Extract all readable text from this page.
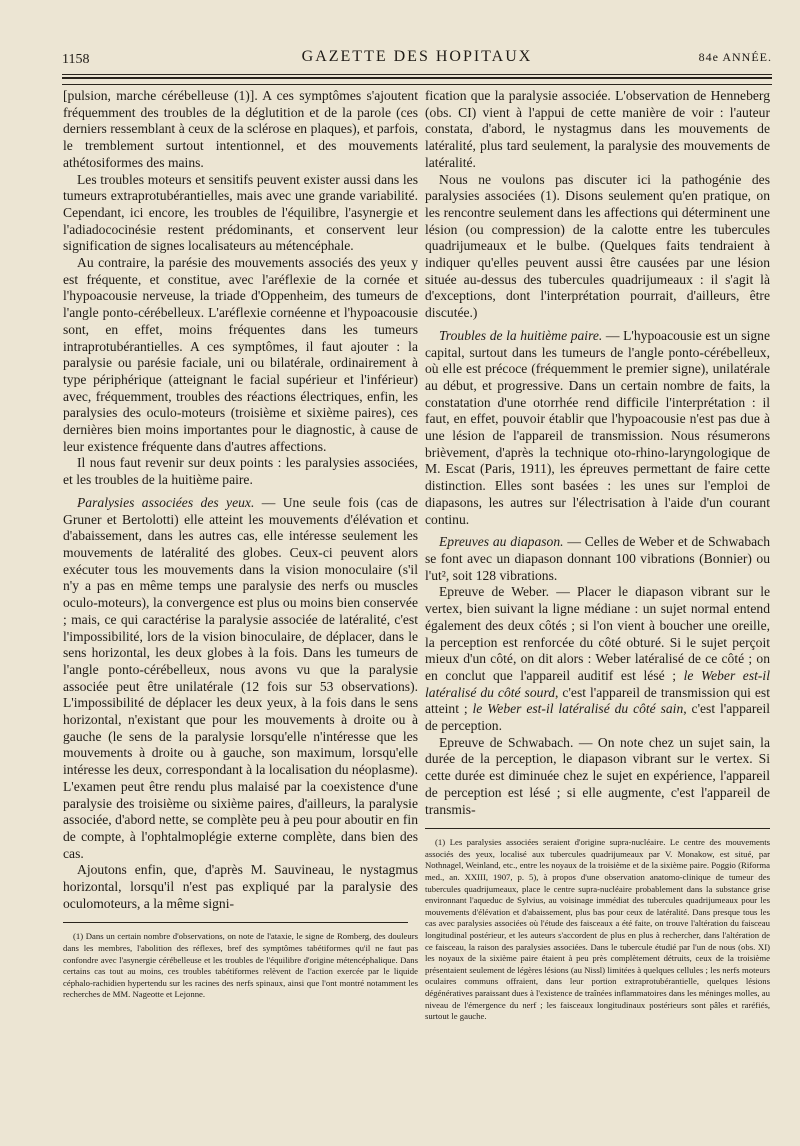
1158	GAZETTE DES HOPITAUX	84e ANNÉE.

[pulsion, marche cérébelleuse (1)]. A ces symptômes s'ajoutent fréquemment des troubles de la déglutition et de la parole (ces derniers ressemblant à ceux de la sclérose en plaques), et parfois, le tremblement surtout intentionnel, et des mouvements athétosiformes des mains.

Les troubles moteurs et sensitifs peuvent exister aussi dans les tumeurs extraprotubérantielles, mais avec une grande variabilité. Cependant, ici encore, les troubles de l'équilibre, l'asynergie et l'adiadococinésie restent prédominants, et conservent leur signification de signes localisateurs au métencéphale.

Au contraire, la parésie des mouvements associés des yeux y est fréquente, et constitue, avec l'aréflexie de la cornée et l'hypoacousie nerveuse, la triade d'Oppenheim, des tumeurs de l'angle ponto-cérébelleux. L'aréflexie cornéenne et l'hypoacousie sont, en effet, moins fréquentes dans les tumeurs intraprotubérantielles. A ces symptômes, il faut ajouter : la paralysie ou parésie faciale, uni ou bilatérale, ordinairement à type périphérique (atteignant le facial supérieur et l'inférieur) avec, fréquemment, troubles des réactions électriques, enfin, les paralysies des oculo-moteurs (troisième et sixième paires), ces dernières bien moins importantes pour le diagnostic, à cause de leur existence fréquente dans d'autres affections.

Il nous faut revenir sur deux points : les paralysies associées, et les troubles de la huitième paire.

Paralysies associées des yeux. — Une seule fois (cas de Gruner et Bertolotti) elle atteint les mouvements d'élévation et d'abaissement, dans les autres cas, elle intéresse seulement les mouvements de latéralité des globes. Ceux-ci peuvent alors exécuter tous les mouvements dans la vision monoculaire (s'il n'y a pas en même temps une paralysie des nerfs ou muscles oculo-moteurs), la convergence est plus ou moins bien conservée ; mais, ce qui caractérise la paralysie associée de latéralité, c'est l'impossibilité, lors de la vision binoculaire, de déplacer, dans le sens horizontal, les deux globes à la fois. Dans les tumeurs de l'angle ponto-cérébelleux, nous avons vu que la paralysie associée peut être unilatérale (12 fois sur 53 observations). L'impossibilité de déplacer les deux yeux, à la fois dans le sens horizontal, n'existant que pour les mouvements à droite ou à gauche (le sens de la paralysie lorsqu'elle n'intéresse que les mouvements à droite ou à gauche, son maximum, lorsqu'elle intéresse les deux, correspondant à la localisation du néoplasme). L'examen peut être rendu plus malaisé par la coexistence d'une paralysie des troisième ou sixième paires, d'ailleurs, la paralysie associée, d'abord nette, se complète peu à peu pour aboutir en fin de compte, à l'ophtalmoplégie externe complète, dans bien des cas.

Ajoutons enfin, que, d'après M. Sauvineau, le nystagmus horizontal, lorsqu'il n'est pas expliqué par la paralysie des oculomoteurs, a la même signi-

(1) Dans un certain nombre d'observations, on note de l'ataxie, le signe de Romberg, des douleurs dans les membres, l'abolition des réflexes, bref des symptômes tabétiformes qu'il ne faut pas confondre avec l'asynergie cérébelleuse et les troubles de l'équilibre d'origine métencéphalique. Dans certains cas tout au moins, ces troubles tabétiformes relèvent de l'action exercée par le liquide céphalo-rachidien hypertendu sur les racines des nerfs spinaux, ainsi que l'ont montré notamment les recherches de MM. Nageotte et Lejonne.

fication que la paralysie associée. L'observation de Henneberg (obs. CI) vient à l'appui de cette manière de voir : l'auteur constata, d'abord, le nystagmus dans les mouvements de latéralité, plus tard seulement, la paralysie des mouvements de latéralité.

Nous ne voulons pas discuter ici la pathogénie des paralysies associées (1). Disons seulement qu'en pratique, on les rencontre seulement dans les affections qui déterminent une lésion (ou compression) de la calotte entre les tubercules quadrijumeaux et le bulbe. (Quelques faits tendraient à indiquer qu'elles peuvent aussi être causées par une lésion située au-dessus des tubercules quadrijumeaux : il s'agit là d'exceptions, dont l'interprétation pourrait, d'ailleurs, être discutée.)

Troubles de la huitième paire. — L'hypoacousie est un signe capital, surtout dans les tumeurs de l'angle ponto-cérébelleux, où elle est précoce (fréquemment le premier signe), unilatérale au début, et progressive. Dans un certain nombre de faits, la constatation d'une otorrhée rend difficile l'interprétation : il faut, en effet, pouvoir établir que l'hypoacousie n'est pas due à une lésion de l'appareil de transmission. Nous résumerons brièvement, d'après la technique oto-rhino-laryngologique de M. Escat (Paris, 1911), les épreuves permettant de faire cette distinction. Elles sont basées : les unes sur l'emploi de diapasons, les autres sur l'électrisation à l'aide d'un courant continu.

Epreuves au diapason. — Celles de Weber et de Schwabach se font avec un diapason donnant 100 vibrations (Bonnier) ou l'ut², soit 128 vibrations.

Epreuve de Weber. — Placer le diapason vibrant sur le vertex, bien suivant la ligne médiane : un sujet normal entend également des deux côtés ; si l'on vient à boucher une oreille, la perception est renforcée du côté obturé. Si le sujet perçoit mieux d'un côté, on dit alors : Weber latéralisé de ce côté ; on en conclut que l'appareil auditif est lésé ; le Weber est-il latéralisé du côté sourd, c'est l'appareil de transmission qui est atteint ; le Weber est-il latéralisé du côté sain, c'est l'appareil de perception.

Epreuve de Schwabach. — On note chez un sujet sain, la durée de la perception, le diapason vibrant sur le vertex. Si cette durée est diminuée chez le sujet en expérience, l'appareil de perception est lésé ; si elle augmente, c'est l'appareil de transmis-

(1) Les paralysies associées seraient d'origine supra-nucléaire. Le centre des mouvements associés des yeux, localisé aux tubercules quadrijumeaux par V. Monakow, est situé, par Nothnagel, Weinland, etc., entre les noyaux de la troisième et de la sixième paire. Poggio (Riforma med., an. XXIII, 1907, p. 5), à propos d'une observation anatomo-clinique de tumeur des tubercules quadrijumeaux, place le centre supra-nucléaire probablement dans la substance grise environnant l'aqueduc de Sylvius, au voisinage immédiat des tubercules quadrijumeaux pour les mouvements d'élévation et d'abaissement, plus bas pour ceux de latéralité. Dans presque tous les cas avec paralysies associées où l'étude des faisceaux a été faite, on trouve l'altération du faisceau longitudinal postérieur, et les auteurs s'accordent de plus en plus à rechercher, dans l'altération de ce faisceau, la raison des paralysies associées. Dans le tubercule étudié par l'un de nous (obs. XI) les noyaux de la sixième paire étaient à peu près complètement détruits, ceux de la troisième présentaient seulement de légères lésions (au Nissl) limitées à quelques cellules ; les nerfs moteurs oculaires communs offraient, dans leur portion extraprotubérantielle, quelques lésions dégénératives paraissant dues à l'existence de traînées inflammatoires dans les méninges molles, au niveau de l'émergence du nerf ; les faisceaux longitudinaux postérieurs sont pâles et raréfiés, surtout le gauche.
